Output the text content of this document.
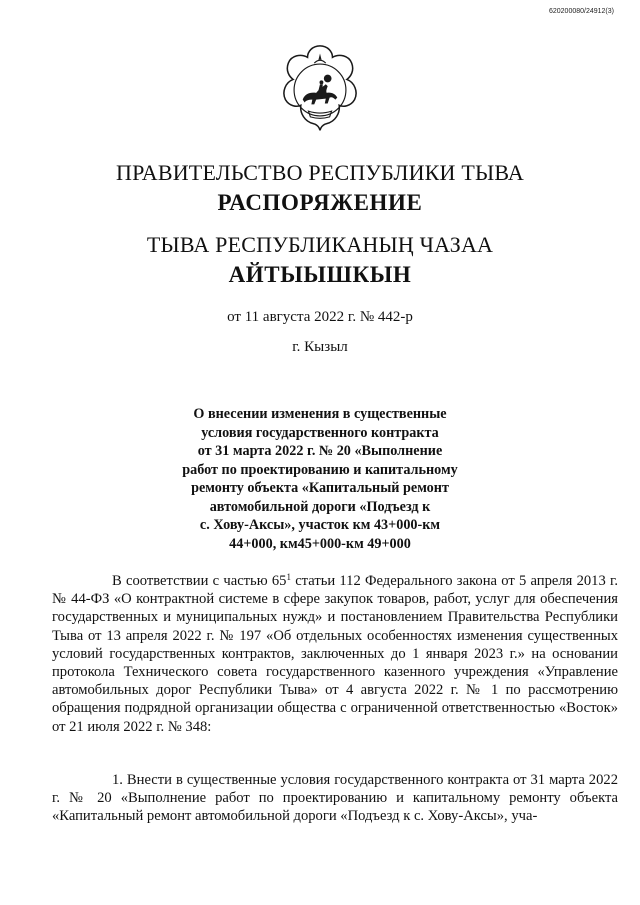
620200080/24912(3)
ПРАВИТЕЛЬСТВО РЕСПУБЛИКИ ТЫВА
РАСПОРЯЖЕНИЕ
ТЫВА РЕСПУБЛИКАНЫҢ ЧАЗАА
АЙТЫЫШКЫН
от 11 августа 2022 г. № 442-р
г. Кызыл
О внесении изменения в существенные
условия государственного контракта
от 31 марта 2022 г. № 20 «Выполнение
работ по проектированию и капитальному
ремонту объекта «Капитальный ремонт
автомобильной дороги «Подъезд к
с. Хову-Аксы», участок км 43+000-км
44+000, км45+000-км 49+000
В соответствии с частью $65^1$ статьи 112 Федерального закона от 5 апреля 2013 г. № 44-ФЗ «О контрактной системе в сфере закупок товаров, работ, услуг для обеспечения государственных и муниципальных нужд» и постановлением Правительства Республики Тыва от 13 апреля 2022 г. № 197 «Об отдельных особенностях изменения существенных условий государственных контрактов, заключенных до 1 января 2023 г.» на основании протокола Технического совета государственного казенного учреждения «Управление автомобильных дорог Республики Тыва» от 4 августа 2022 г. № 1 по рассмотрению обращения подрядной организации общества с ограниченной ответственностью «Восток» от 21 июля 2022 г. № 348:
1. Внести в существенные условия государственного контракта от 31 марта 2022 г. № 20 «Выполнение работ по проектированию и капитальному ремонту объекта «Капитальный ремонт автомобильной дороги «Подъезд к с. Хову-Аксы», уча-
